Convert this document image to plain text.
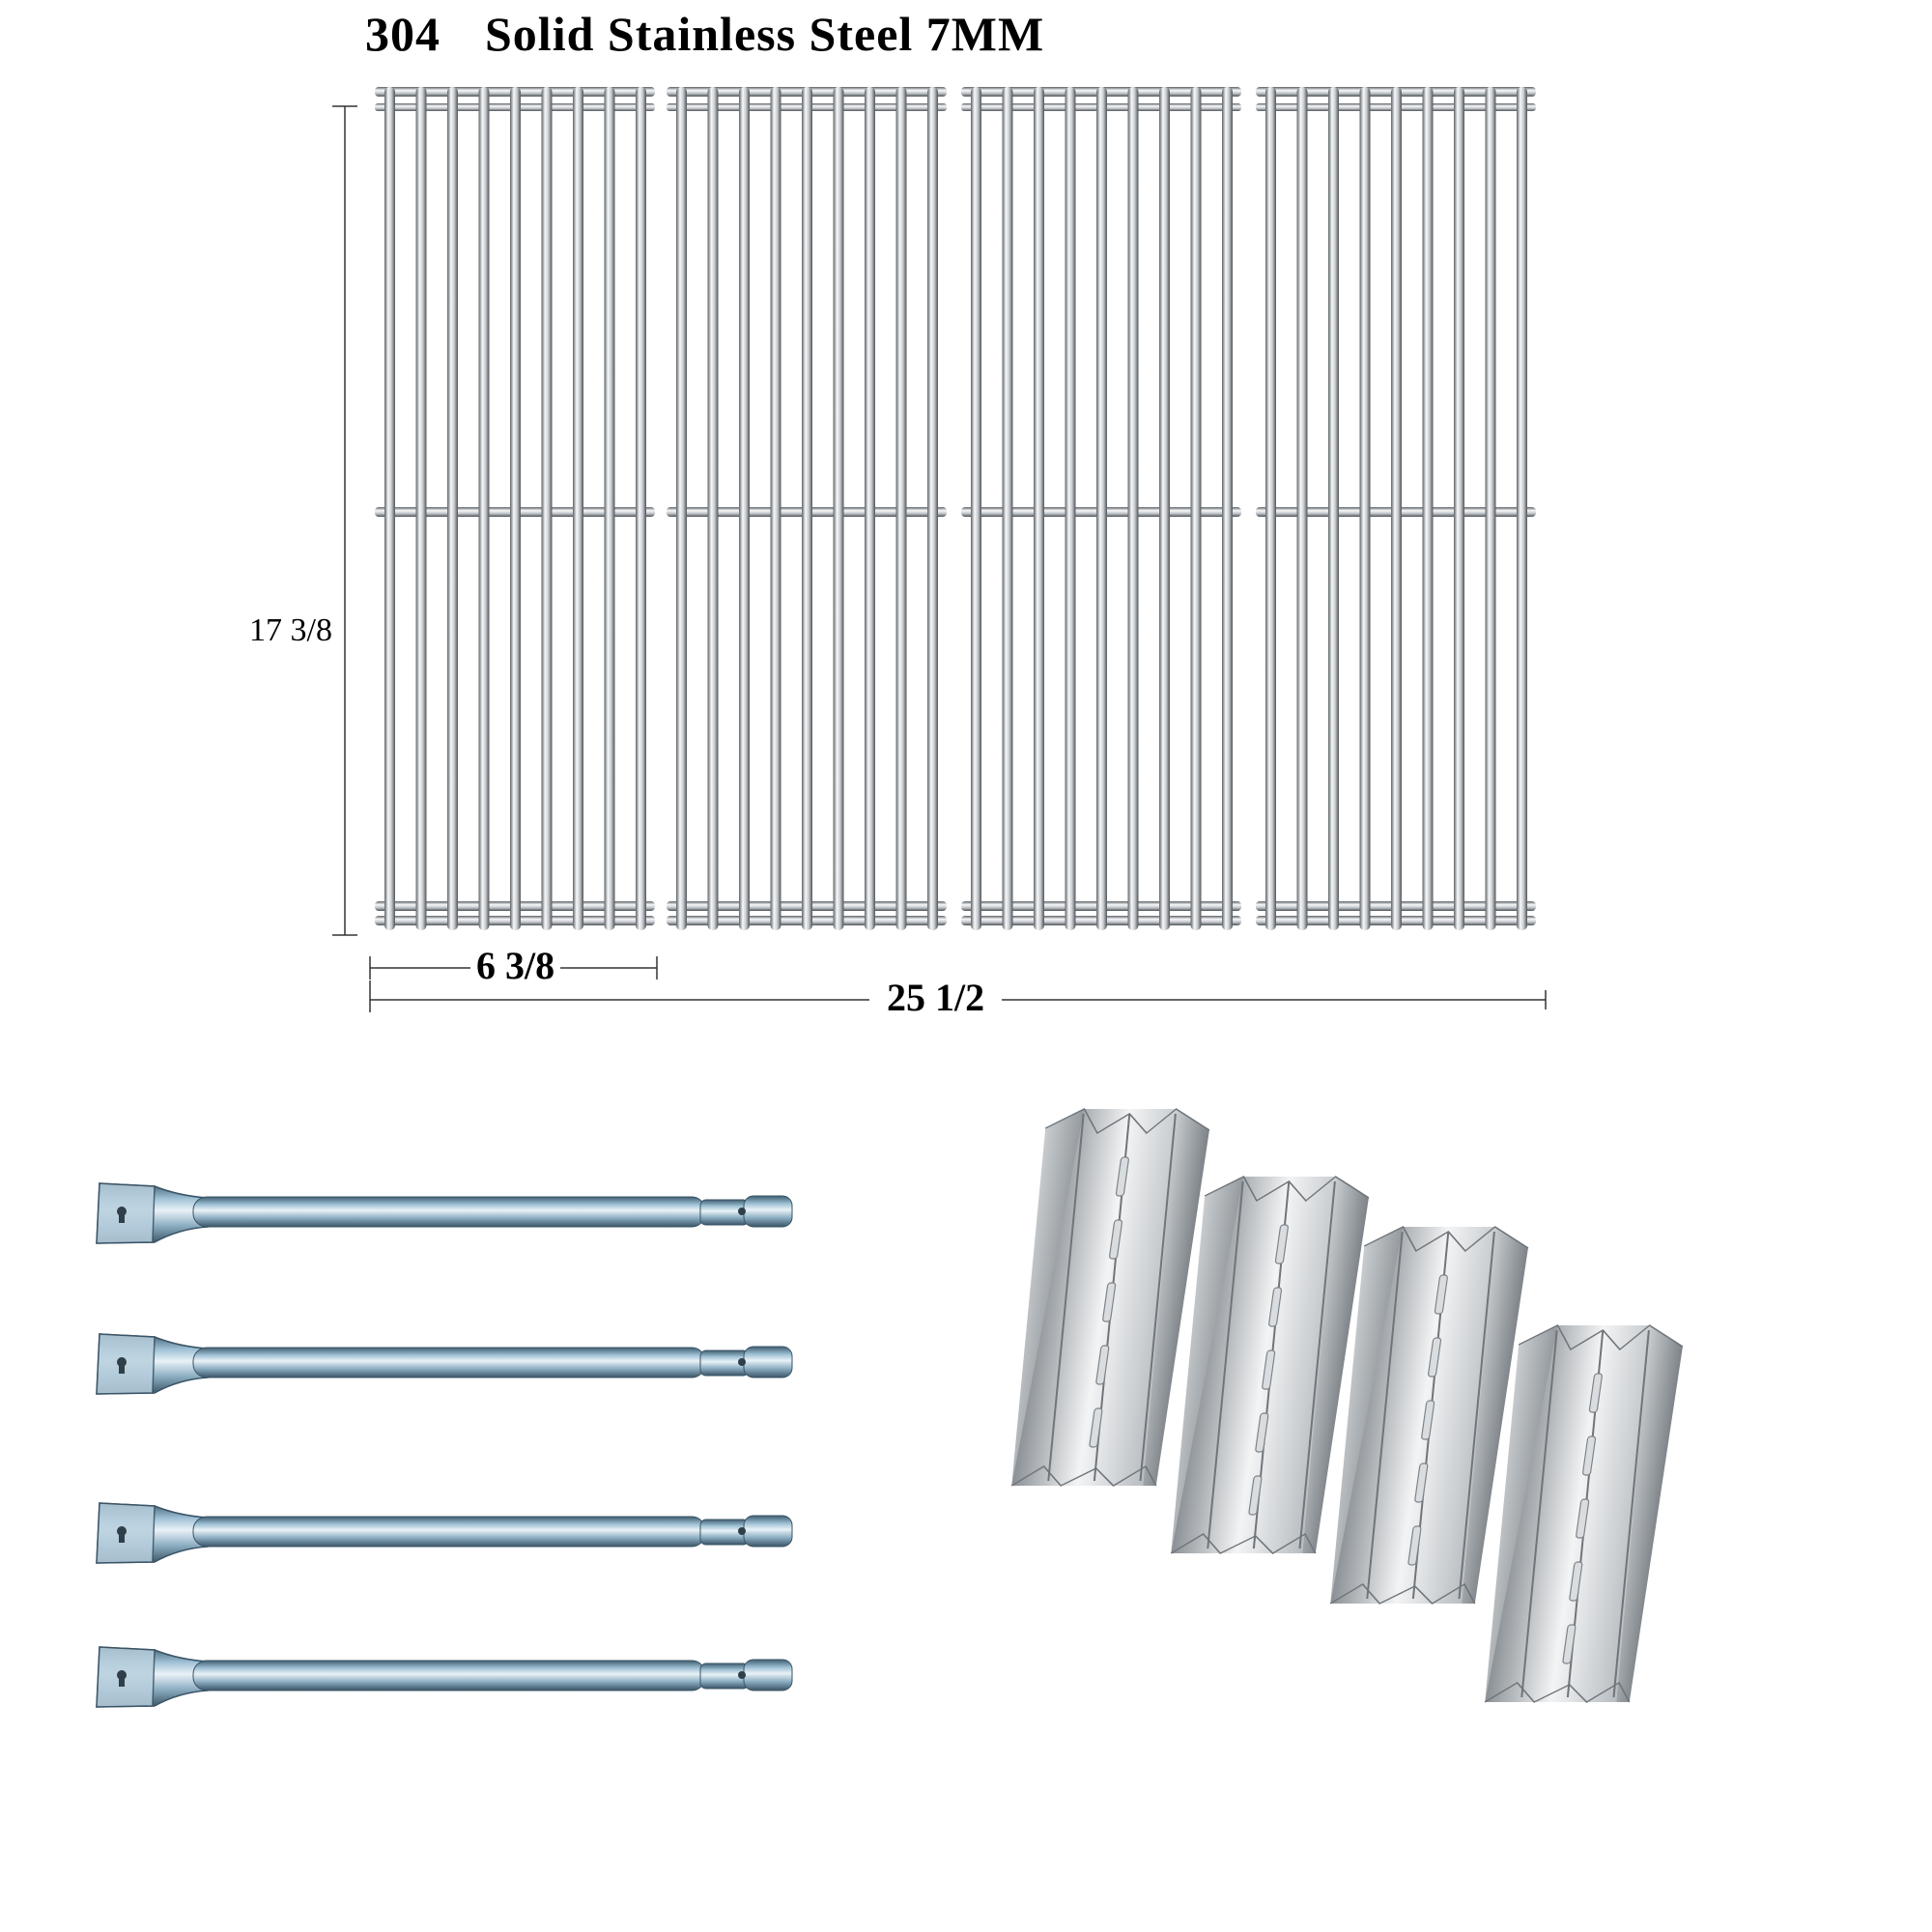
304 Solid Stainless Steel 7MM

17 3/8

6 3/8

25 1/2
